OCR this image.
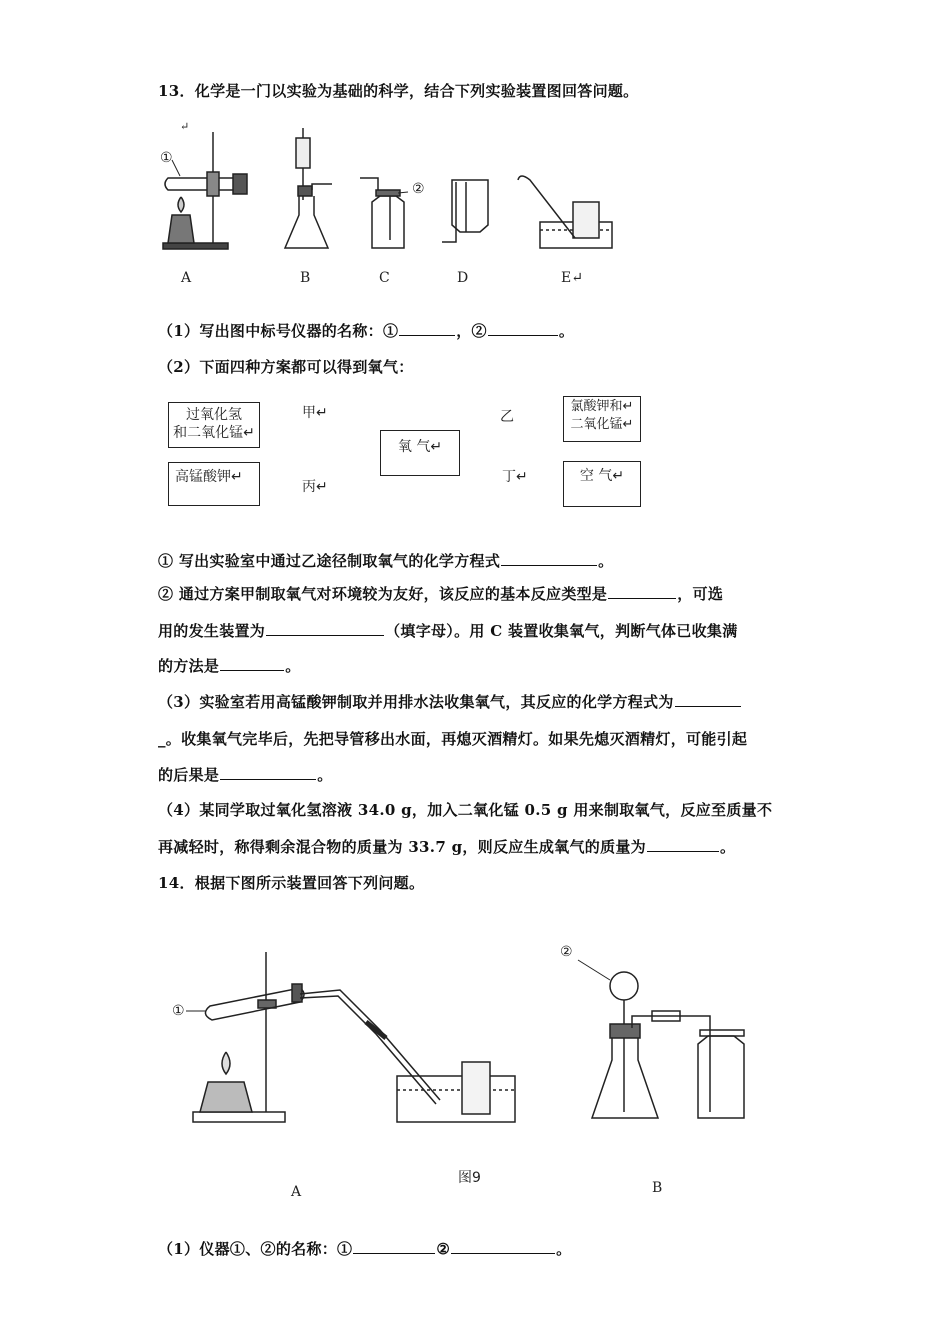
13．化学是一门以实验为基础的科学，结合下列实验装置图回答问题。
↵
①
②
A	B	C	D	E↵
（1）写出图中标号仪器的名称：①	，②	。
（2）下面四种方案都可以得到氧气：
过氧化氢
和二氧化锰↵
高锰酸钾↵
氧 气↵
氯酸钾和↵
二氧化锰↵
空 气↵
甲↵	乙
丙↵
丁↵
① 写出实验室中通过乙途径制取氧气的化学方程式	。
② 通过方案甲制取氧气对环境较为友好，该反应的基本反应类型是	，可选
用的发生装置为	（填字母）。用 C 装置收集氧气，判断气体已收集满
的方法是	。
（3）实验室若用高锰酸钾制取并用排水法收集氧气，其反应的化学方程式为
_。收集氧气完毕后，先把导管移出水面，再熄灭酒精灯。如果先熄灭酒精灯，可能引起
的后果是	。
（4）某同学取过氧化氢溶液 34.0 g，加入二氧化锰 0.5 g 用来制取氧气，反应至质量不
再减轻时，称得剩余混合物的质量为 33.7 g，则反应生成氧气的质量为	。
14．根据下图所示装置回答下列问题。
①
②
图9
A	B
（1）仪器①、②的名称：①	②	。
